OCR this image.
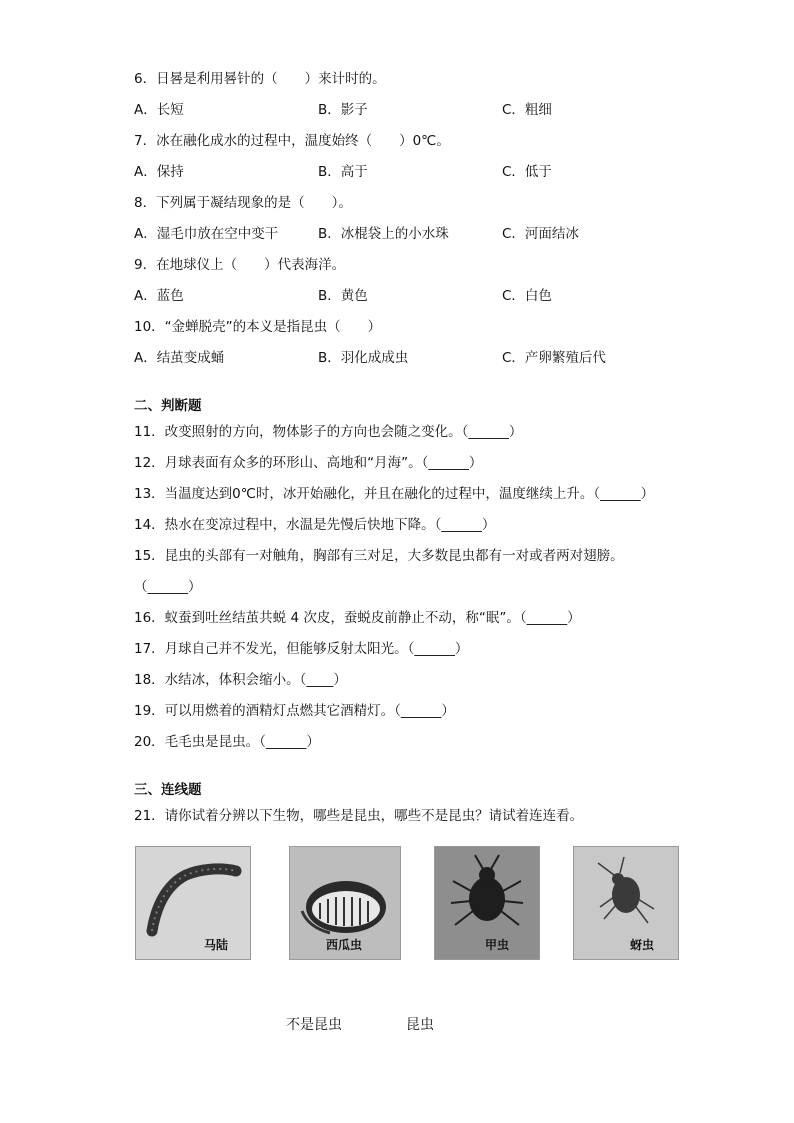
6．日晷是利用晷针的（　　）来计时的。
A．长短	B．影子	C．粗细
7．冰在融化成水的过程中，温度始终（　　）0℃。
A．保持	B．高于	C．低于
8．下列属于凝结现象的是（　　）。
A．湿毛巾放在空中变干	B．冰棍袋上的小水珠	C．河面结冰
9．在地球仪上（　　）代表海洋。
A．蓝色	B．黄色	C．白色
10．“金蝉脱壳”的本义是指昆虫（　　）
A．结茧变成蛹	B．羽化成成虫	C．产卵繁殖后代
二、判断题
11．改变照射的方向，物体影子的方向也会随之变化。（______）
12．月球表面有众多的环形山、高地和“月海”。（______）
13．当温度达到0℃时，冰开始融化，并且在融化的过程中，温度继续上升。（______）
14．热水在变凉过程中，水温是先慢后快地下降。（______）
15．昆虫的头部有一对触角，胸部有三对足，大多数昆虫都有一对或者两对翅膀。
（______）
16．蚁蚕到吐丝结茧共蜕 4 次皮，蚕蜕皮前静止不动，称“眠”。（______）
17．月球自己并不发光，但能够反射太阳光。（______）
18．水结冰，体积会缩小。（____）
19．可以用燃着的酒精灯点燃其它酒精灯。（______）
20．毛毛虫是昆虫。（______）
三、连线题
21．请你试着分辨以下生物，哪些是昆虫，哪些不是昆虫？请试着连连看。
马陆	西瓜虫	甲虫	蚜虫
不是昆虫	昆虫
